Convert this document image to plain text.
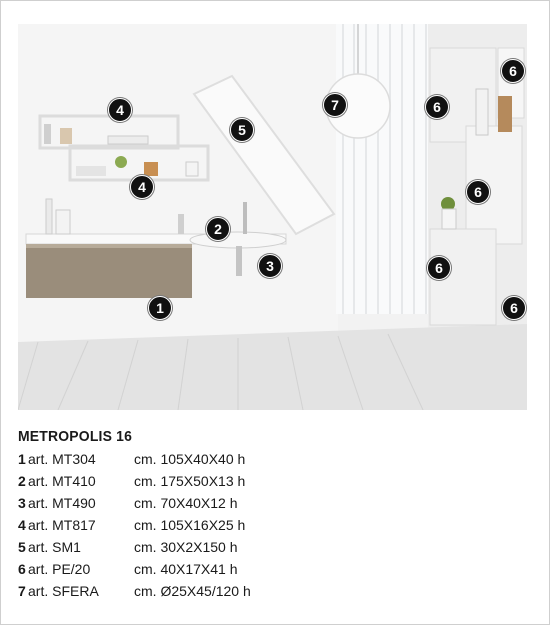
1
2
3
4
4
5
6
6
6
6
6
7
METROPOLIS 16
1 art. MT304	cm. 105X40X40 h
2 art. MT410	cm. 175X50X13 h
3 art. MT490	cm. 70X40X12 h
4 art. MT817	cm. 105X16X25 h
5 art. SM1	cm. 30X2X150 h
6 art. PE/20	cm. 40X17X41 h
7 art. SFERA	cm. Ø25X45/120 h
